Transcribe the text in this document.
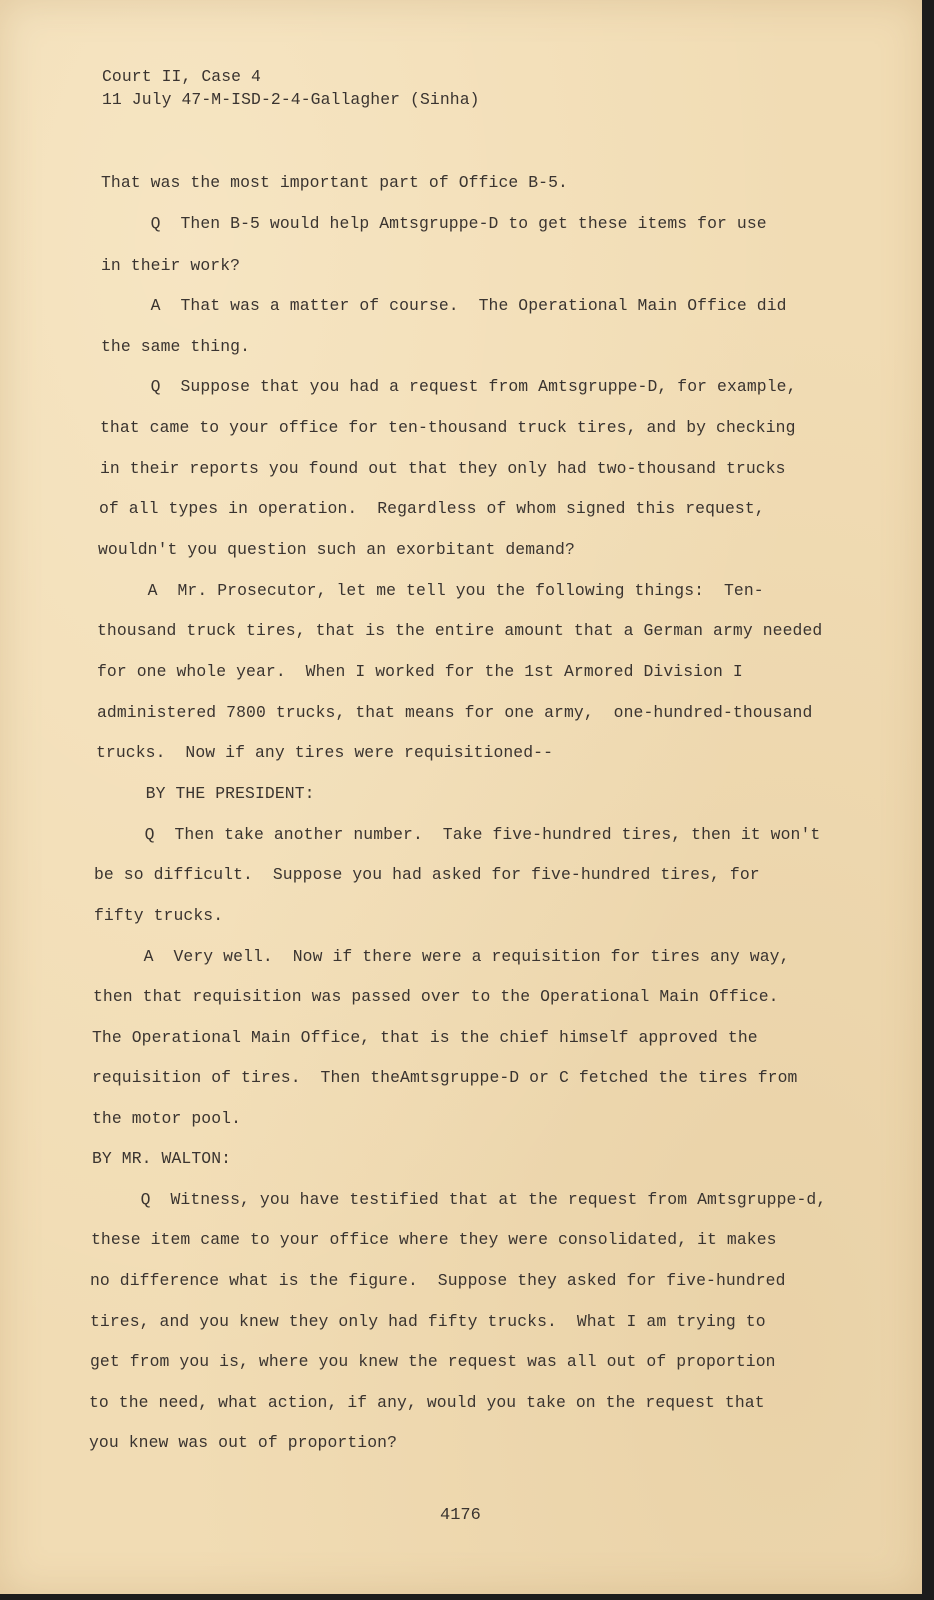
Court II, Case 4
11 July 47-M-ISD-2-4-Gallagher (Sinha)
That was the most important part of Office B-5.
Q  Then B-5 would help Amtsgruppe-D to get these items for use
in their work?
A  That was a matter of course.  The Operational Main Office did
the same thing.
Q  Suppose that you had a request from Amtsgruppe-D, for example,
that came to your office for ten-thousand truck tires, and by checking
in their reports you found out that they only had two-thousand trucks
of all types in operation.  Regardless of whom signed this request,
wouldn't you question such an exorbitant demand?
A  Mr. Prosecutor, let me tell you the following things:  Ten-
thousand truck tires, that is the entire amount that a German army needed
for one whole year.  When I worked for the 1st Armored Division I
administered 7800 trucks, that means for one army,  one-hundred-thousand
trucks.  Now if any tires were requisitioned--
BY THE PRESIDENT:
Q  Then take another number.  Take five-hundred tires, then it won't
be so difficult.  Suppose you had asked for five-hundred tires, for
fifty trucks.
A  Very well.  Now if there were a requisition for tires any way,
then that requisition was passed over to the Operational Main Office.
The Operational Main Office, that is the chief himself approved the
requisition of tires.  Then theAmtsgruppe-D or C fetched the tires from
the motor pool.
BY MR. WALTON:
Q  Witness, you have testified that at the request from Amtsgruppe-d,
these item came to your office where they were consolidated, it makes
no difference what is the figure.  Suppose they asked for five-hundred
tires, and you knew they only had fifty trucks.  What I am trying to
get from you is, where you knew the request was all out of proportion
to the need, what action, if any, would you take on the request that
you knew was out of proportion?
4176
